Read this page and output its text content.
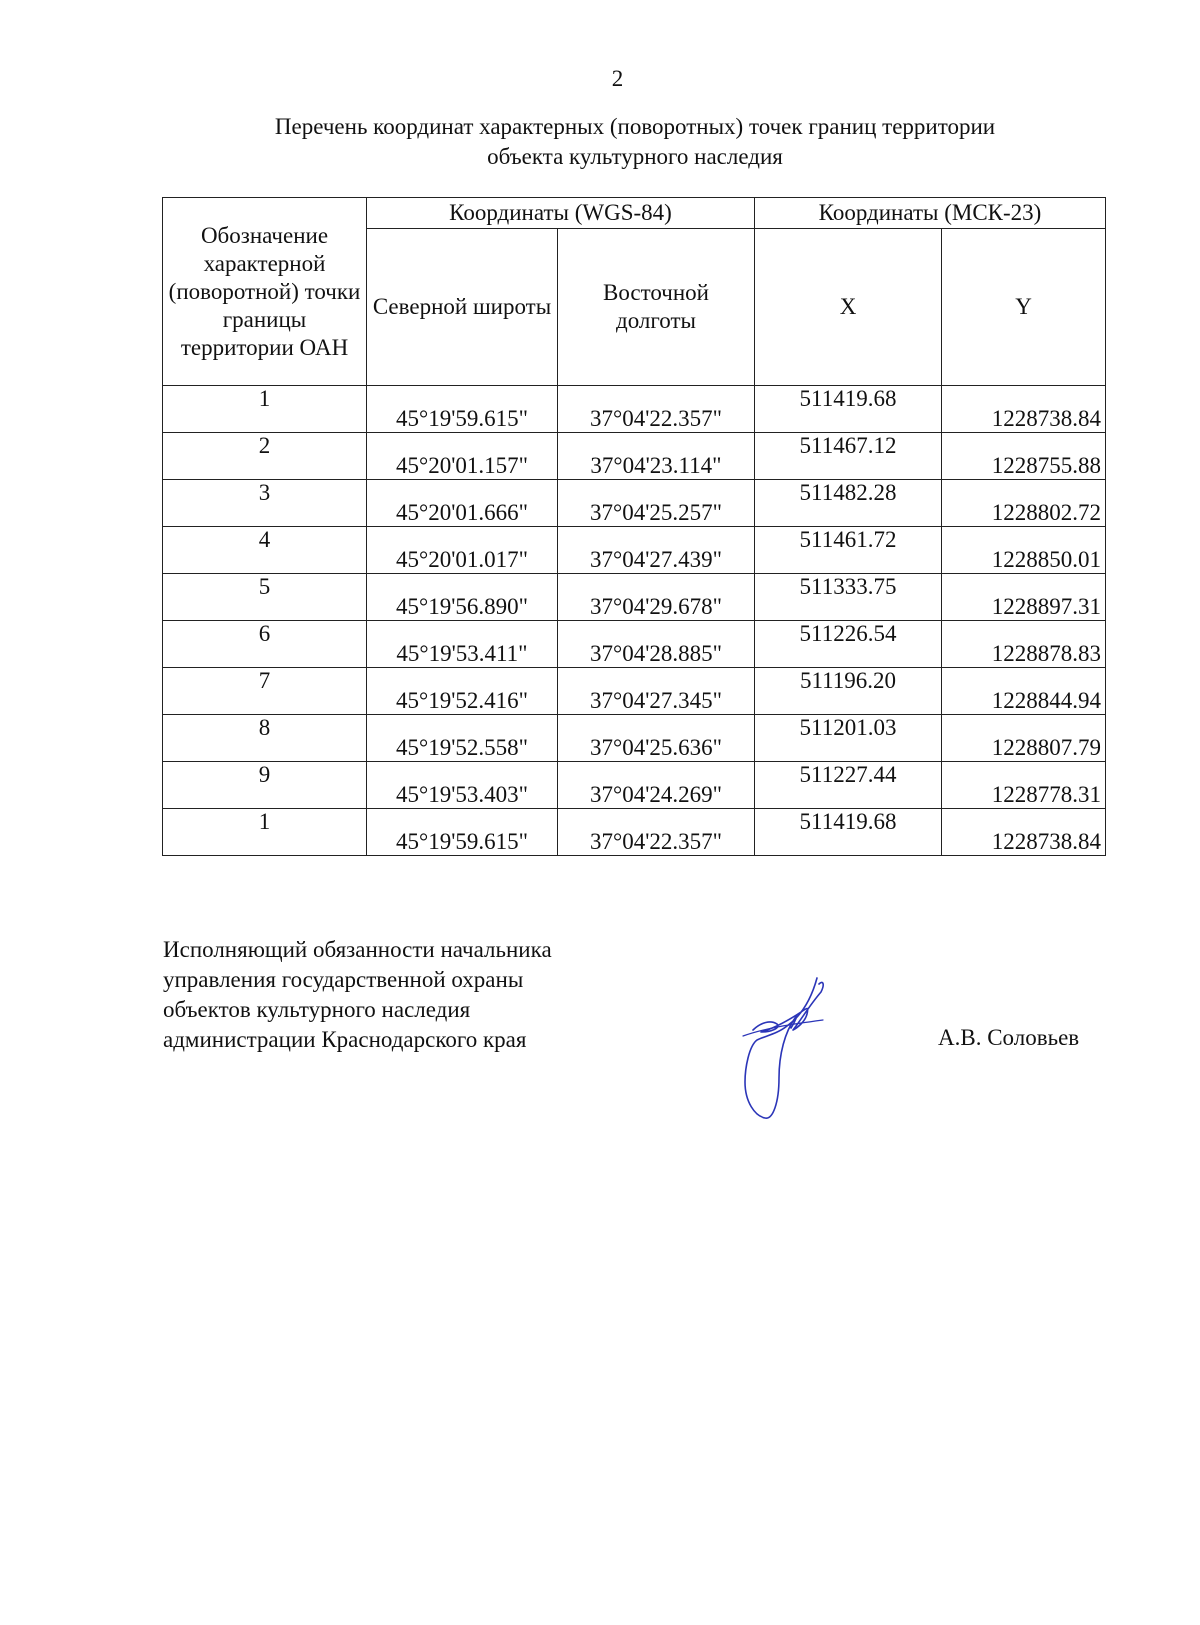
2
Перечень координат характерных (поворотных) точек границ территории
объекта культурного наследия
Обозначение характерной (поворотной) точки границы территории ОАН	Координаты (WGS-84)		Координаты (МСК-23)	
	Северной широты	Восточной долготы	X	Y
1	45°19'59.615"	37°04'22.357"	511419.68	1228738.84
2	45°20'01.157"	37°04'23.114"	511467.12	1228755.88
3	45°20'01.666"	37°04'25.257"	511482.28	1228802.72
4	45°20'01.017"	37°04'27.439"	511461.72	1228850.01
5	45°19'56.890"	37°04'29.678"	511333.75	1228897.31
6	45°19'53.411"	37°04'28.885"	511226.54	1228878.83
7	45°19'52.416"	37°04'27.345"	511196.20	1228844.94
8	45°19'52.558"	37°04'25.636"	511201.03	1228807.79
9	45°19'53.403"	37°04'24.269"	511227.44	1228778.31
1	45°19'59.615"	37°04'22.357"	511419.68	1228738.84
Исполняющий обязанности начальника
управления государственной охраны
объектов культурного наследия
администрации Краснодарского края	А.В. Соловьев
